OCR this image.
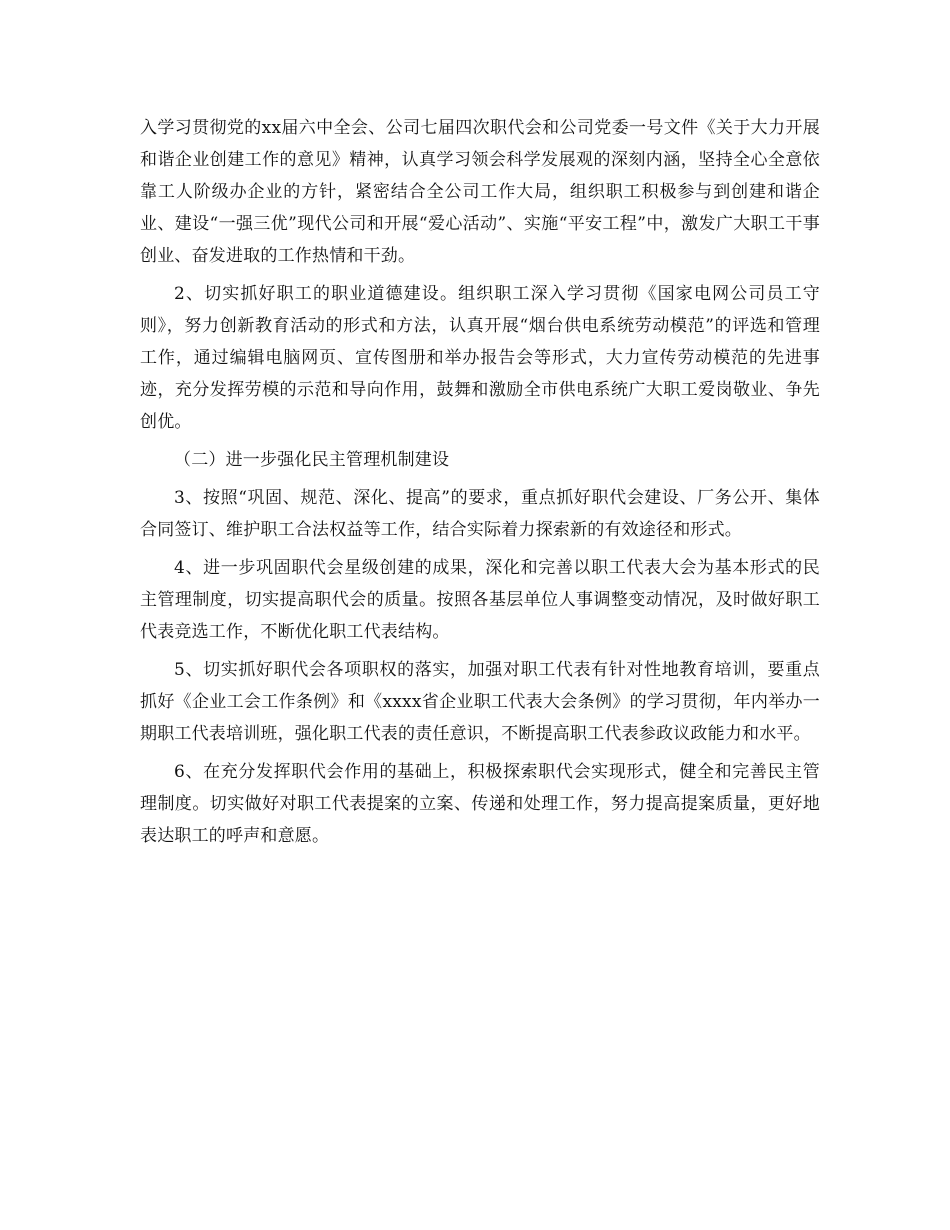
入学习贯彻党的xx届六中全会、公司七届四次职代会和公司党委一号文件《关于大力开展和谐企业创建工作的意见》精神，认真学习领会科学发展观的深刻内涵，坚持全心全意依靠工人阶级办企业的方针，紧密结合全公司工作大局，组织职工积极参与到创建和谐企业、建设“一强三优”现代公司和开展“爱心活动”、实施“平安工程”中，激发广大职工干事创业、奋发进取的工作热情和干劲。

2、切实抓好职工的职业道德建设。组织职工深入学习贯彻《国家电网公司员工守则》，努力创新教育活动的形式和方法，认真开展“烟台供电系统劳动模范”的评选和管理工作，通过编辑电脑网页、宣传图册和举办报告会等形式，大力宣传劳动模范的先进事迹，充分发挥劳模的示范和导向作用，鼓舞和激励全市供电系统广大职工爱岗敬业、争先创优。

（二）进一步强化民主管理机制建设

3、按照“巩固、规范、深化、提高”的要求，重点抓好职代会建设、厂务公开、集体合同签订、维护职工合法权益等工作，结合实际着力探索新的有效途径和形式。

4、进一步巩固职代会星级创建的成果，深化和完善以职工代表大会为基本形式的民主管理制度，切实提高职代会的质量。按照各基层单位人事调整变动情况，及时做好职工代表竞选工作，不断优化职工代表结构。

5、切实抓好职代会各项职权的落实，加强对职工代表有针对性地教育培训，要重点抓好《企业工会工作条例》和《xxxx省企业职工代表大会条例》的学习贯彻，年内举办一期职工代表培训班，强化职工代表的责任意识，不断提高职工代表参政议政能力和水平。

6、在充分发挥职代会作用的基础上，积极探索职代会实现形式，健全和完善民主管理制度。切实做好对职工代表提案的立案、传递和处理工作，努力提高提案质量，更好地表达职工的呼声和意愿。
